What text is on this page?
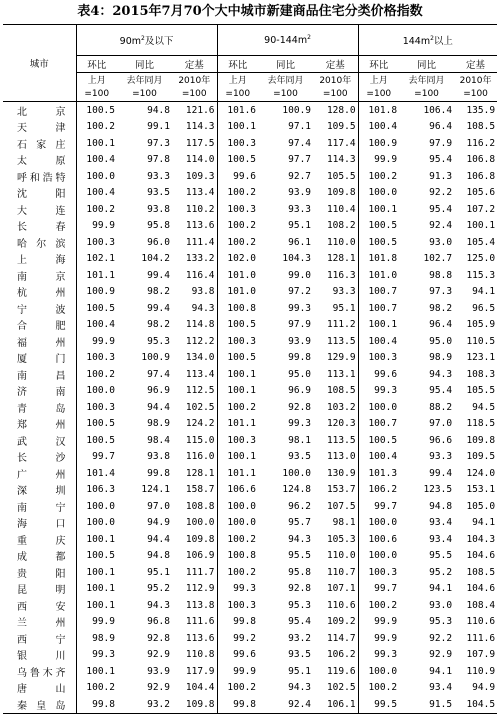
表4：2015年7月70个大中城市新建商品住宅分类价格指数
城市	$90m^2$及以下			$90-144m^2$			$144m^2$以上		
	环比	同比	定基	环比	同比	定基	环比	同比	定基
	上月	去年同月	2010年	上月	去年同月	2010年	上月	去年同月	2010年
	=100	=100	=100	=100	=100	=100	=100	=100	=100
北 京	100.5	94.8	121.6	101.6	100.9	128.0	101.8	106.4	135.9
天 津	100.2	99.1	114.3	100.1	97.1	109.5	100.4	96.4	108.5
石家庄	100.1	97.3	117.5	100.3	97.4	117.4	100.9	97.9	116.2
太 原	100.4	97.8	114.0	100.5	97.7	114.3	99.9	95.4	106.8
呼和浩特	100.0	93.3	109.3	99.6	92.7	105.5	100.2	91.3	106.8
沈 阳	100.4	93.5	113.4	100.2	93.9	109.8	100.0	92.2	105.6
大 连	100.2	93.8	110.2	100.3	93.3	110.4	100.1	95.4	107.2
长 春	99.9	95.8	113.6	100.2	95.1	108.2	100.5	92.4	100.1
哈 尔 滨	100.3	96.0	111.4	100.2	96.1	110.0	100.5	93.0	105.4
上 海	102.1	104.2	133.2	102.0	104.3	128.1	101.8	102.7	125.0
南 京	101.1	99.4	116.4	101.0	99.0	116.3	101.0	98.8	115.3
杭 州	100.9	98.2	93.8	101.0	97.2	93.3	100.7	97.3	94.1
宁 波	100.5	99.4	94.3	100.8	99.3	95.1	100.7	98.2	96.5
合 肥	100.4	98.2	114.8	100.5	97.9	111.2	100.1	96.4	105.9
福 州	99.9	95.3	112.2	100.3	93.9	113.5	100.4	95.0	110.5
厦 门	100.3	100.9	134.0	100.5	99.8	129.9	100.3	98.9	123.1
南 昌	100.2	97.4	113.4	100.1	95.0	113.1	99.6	94.3	108.3
济 南	100.0	96.9	112.5	100.1	96.9	108.5	99.3	95.4	105.5
青 岛	100.3	94.4	102.5	100.2	92.8	103.2	100.0	88.2	94.5
郑 州	100.5	98.9	124.2	101.1	99.3	120.3	100.7	97.0	118.5
武 汉	100.5	98.4	115.0	100.3	98.1	113.5	100.5	96.6	109.8
长 沙	99.7	93.8	116.0	100.1	93.5	113.0	100.4	93.3	109.5
广 州	101.4	99.8	128.1	101.1	100.0	130.9	101.3	99.4	124.0
深 圳	106.3	124.1	158.7	106.6	124.8	153.7	106.2	123.5	153.1
南 宁	100.0	97.0	108.8	100.0	96.2	107.5	99.7	94.8	105.0
海 口	100.0	94.9	100.0	100.0	95.7	98.1	100.0	93.4	94.1
重 庆	100.1	94.4	109.8	100.2	94.3	105.3	100.6	93.4	104.3
成 都	100.5	94.8	106.9	100.8	95.5	110.0	100.0	95.5	104.6
贵 阳	100.1	95.1	111.7	100.2	95.8	110.7	100.3	95.2	108.5
昆 明	100.1	95.2	112.9	99.3	92.8	107.1	99.7	94.1	104.6
西 安	100.1	94.3	113.8	100.3	95.3	110.6	100.2	93.0	108.4
兰 州	99.9	96.8	111.6	99.8	95.4	109.2	99.9	95.3	110.6
西 宁	98.9	92.8	113.6	99.2	93.2	114.7	99.9	92.2	111.6
银 川	99.3	92.9	110.8	99.6	93.5	106.2	99.3	92.9	107.9
乌鲁木齐	100.1	93.9	117.9	99.9	95.1	119.6	100.0	94.1	110.9
唐 山	100.2	92.9	104.4	100.2	94.3	102.5	100.2	93.4	94.9
秦 皇 岛	99.8	93.2	109.8	99.8	92.4	106.1	99.5	91.5	104.5
